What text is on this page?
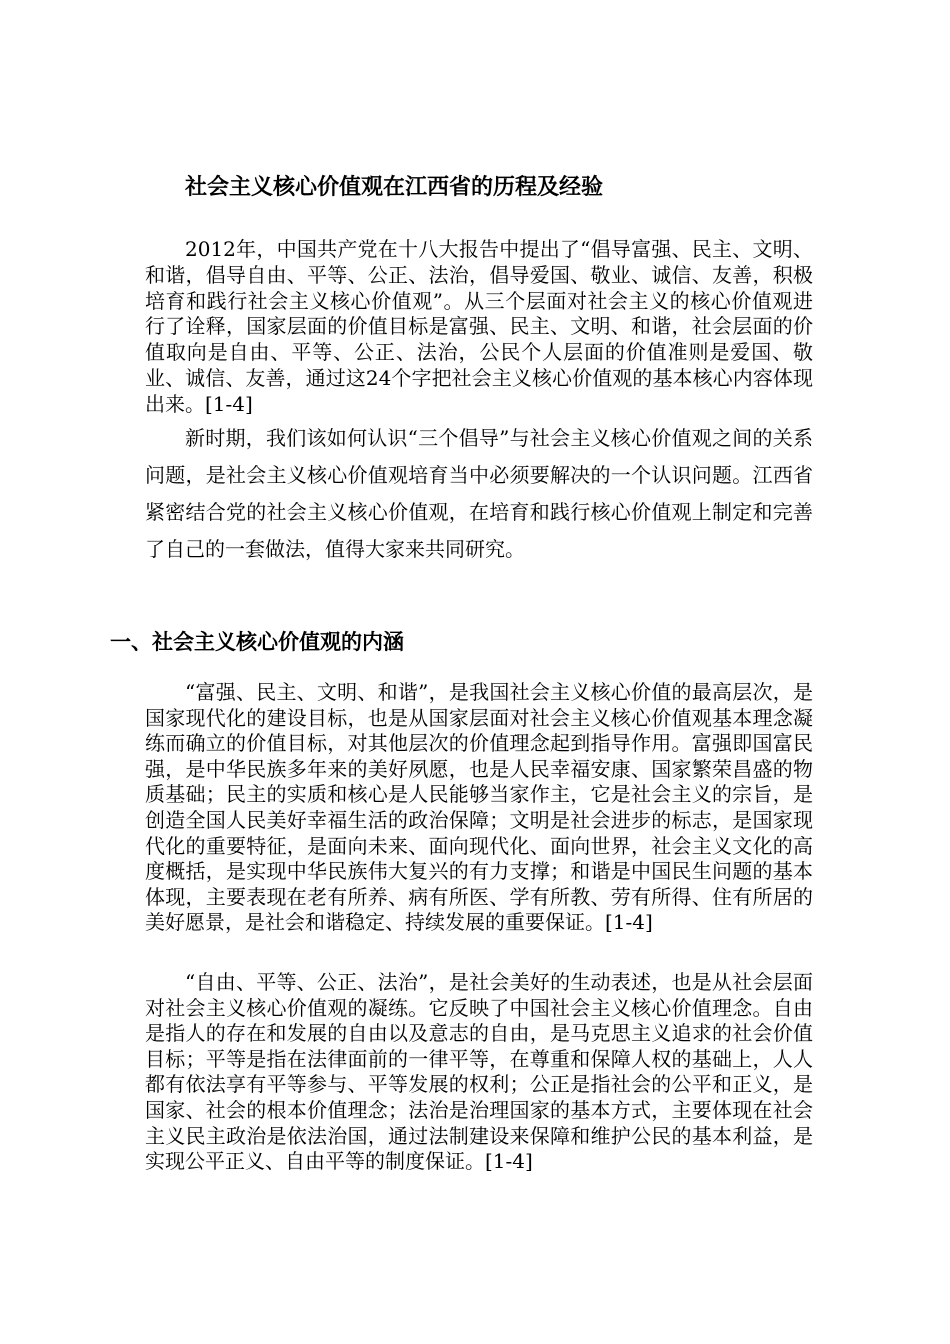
社会主义核心价值观在江西省的历程及经验

2012年，中国共产党在十八大报告中提出了“倡导富强、民主、文明、和谐，倡导自由、平等、公正、法治，倡导爱国、敬业、诚信、友善，积极培育和践行社会主义核心价值观”。从三个层面对社会主义的核心价值观进行了诠释，国家层面的价值目标是富强、民主、文明、和谐，社会层面的价值取向是自由、平等、公正、法治，公民个人层面的价值准则是爱国、敬业、诚信、友善，通过这24个字把社会主义核心价值观的基本核心内容体现出来。[1-4]

新时期，我们该如何认识“三个倡导”与社会主义核心价值观之间的关系问题，是社会主义核心价值观培育当中必须要解决的一个认识问题。江西省紧密结合党的社会主义核心价值观，在培育和践行核心价值观上制定和完善了自己的一套做法，值得大家来共同研究。

一、社会主义核心价值观的内涵

“富强、民主、文明、和谐”，是我国社会主义核心价值的最高层次，是国家现代化的建设目标，也是从国家层面对社会主义核心价值观基本理念凝练而确立的价值目标，对其他层次的价值理念起到指导作用。富强即国富民强，是中华民族多年来的美好夙愿，也是人民幸福安康、国家繁荣昌盛的物质基础；民主的实质和核心是人民能够当家作主，它是社会主义的宗旨，是创造全国人民美好幸福生活的政治保障；文明是社会进步的标志，是国家现代化的重要特征，是面向未来、面向现代化、面向世界，社会主义文化的高度概括，是实现中华民族伟大复兴的有力支撑；和谐是中国民生问题的基本体现，主要表现在老有所养、病有所医、学有所教、劳有所得、住有所居的美好愿景，是社会和谐稳定、持续发展的重要保证。[1-4]

“自由、平等、公正、法治”，是社会美好的生动表述，也是从社会层面对社会主义核心价值观的凝练。它反映了中国社会主义核心价值理念。自由是指人的存在和发展的自由以及意志的自由，是马克思主义追求的社会价值目标；平等是指在法律面前的一律平等，在尊重和保障人权的基础上，人人都有依法享有平等参与、平等发展的权利；公正是指社会的公平和正义，是国家、社会的根本价值理念；法治是治理国家的基本方式，主要体现在社会主义民主政治是依法治国，通过法制建设来保障和维护公民的基本利益，是实现公平正义、自由平等的制度保证。[1-4]
